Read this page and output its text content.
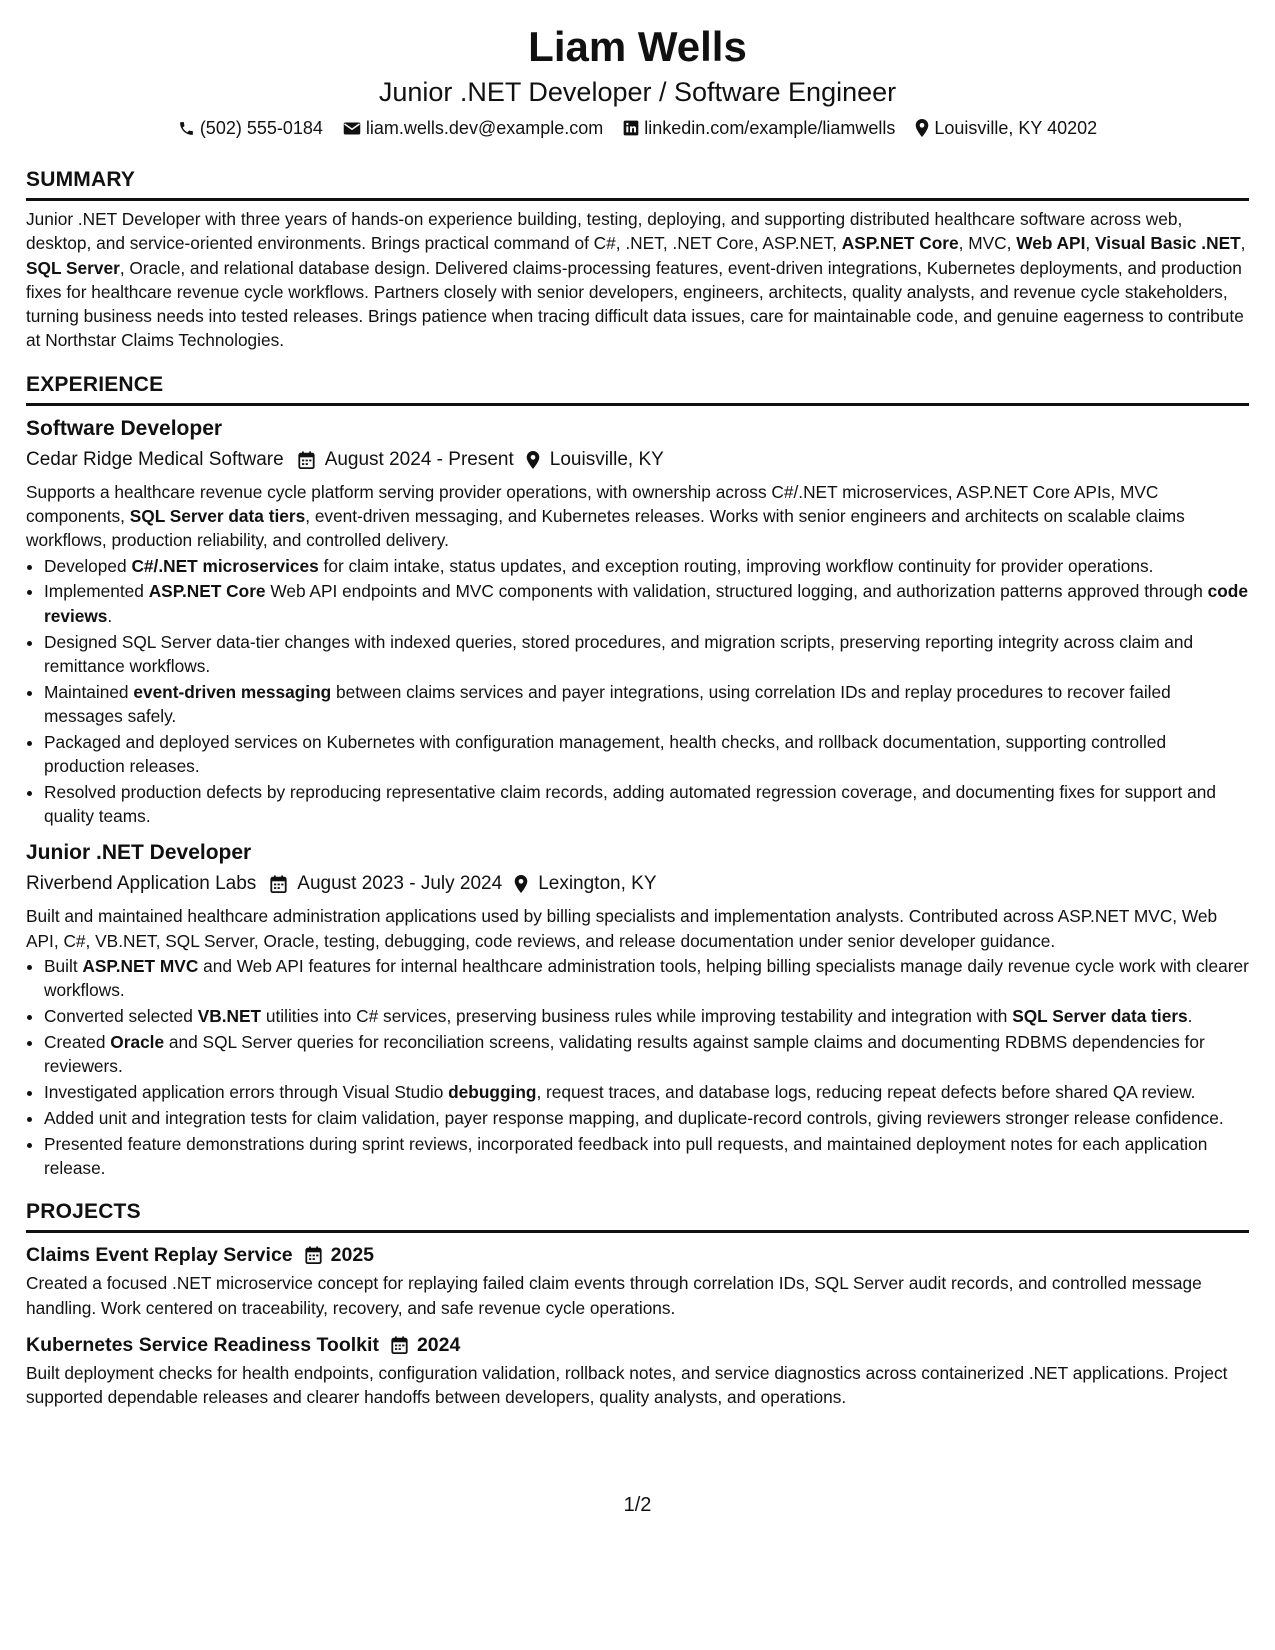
Liam Wells
Junior .NET Developer / Software Engineer
(502) 555-0184 liam.wells.dev@example.com linkedin.com/example/liamwells Louisville, KY 40202
SUMMARY

Junior .NET Developer with three years of hands-on experience building, testing, deploying, and supporting distributed healthcare software across web, desktop, and service-oriented environments. Brings practical command of C#, .NET, .NET Core, ASP.NET, ASP.NET Core, MVC, Web API, Visual Basic .NET, SQL Server, Oracle, and relational database design. Delivered claims-processing features, event-driven integrations, Kubernetes deployments, and production fixes for healthcare revenue cycle workflows. Partners closely with senior developers, engineers, architects, quality analysts, and revenue cycle stakeholders, turning business needs into tested releases. Brings patience when tracing difficult data issues, care for maintainable code, and genuine eagerness to contribute at Northstar Claims Technologies.

EXPERIENCE
Software Developer
Cedar Ridge Medical Software August 2024 - Present Louisville, KY

Supports a healthcare revenue cycle platform serving provider operations, with ownership across C#/.NET microservices, ASP.NET Core APIs, MVC components, SQL Server data tiers, event-driven messaging, and Kubernetes releases. Works with senior engineers and architects on scalable claims workflows, production reliability, and controlled delivery.

• Developed C#/.NET microservices for claim intake, status updates, and exception routing, improving workflow continuity for provider operations.
• Implemented ASP.NET Core Web API endpoints and MVC components with validation, structured logging, and authorization patterns approved through code reviews.
• Designed SQL Server data-tier changes with indexed queries, stored procedures, and migration scripts, preserving reporting integrity across claim and remittance workflows.
• Maintained event-driven messaging between claims services and payer integrations, using correlation IDs and replay procedures to recover failed messages safely.
• Packaged and deployed services on Kubernetes with configuration management, health checks, and rollback documentation, supporting controlled production releases.
• Resolved production defects by reproducing representative claim records, adding automated regression coverage, and documenting fixes for support and quality teams.
Junior .NET Developer
Riverbend Application Labs August 2023 - July 2024 Lexington, KY

Built and maintained healthcare administration applications used by billing specialists and implementation analysts. Contributed across ASP.NET MVC, Web API, C#, VB.NET, SQL Server, Oracle, testing, debugging, code reviews, and release documentation under senior developer guidance.

• Built ASP.NET MVC and Web API features for internal healthcare administration tools, helping billing specialists manage daily revenue cycle work with clearer workflows.
• Converted selected VB.NET utilities into C# services, preserving business rules while improving testability and integration with SQL Server data tiers.
• Created Oracle and SQL Server queries for reconciliation screens, validating results against sample claims and documenting RDBMS dependencies for reviewers.
• Investigated application errors through Visual Studio debugging, request traces, and database logs, reducing repeat defects before shared QA review.
• Added unit and integration tests for claim validation, payer response mapping, and duplicate-record controls, giving reviewers stronger release confidence.
• Presented feature demonstrations during sprint reviews, incorporated feedback into pull requests, and maintained deployment notes for each application release.
PROJECTS
Claims Event Replay Service 2025

Created a focused .NET microservice concept for replaying failed claim events through correlation IDs, SQL Server audit records, and controlled message handling. Work centered on traceability, recovery, and safe revenue cycle operations.

Kubernetes Service Readiness Toolkit 2024

Built deployment checks for health endpoints, configuration validation, rollback notes, and service diagnostics across containerized .NET applications. Project supported dependable releases and clearer handoffs between developers, quality analysts, and operations.

1/2
